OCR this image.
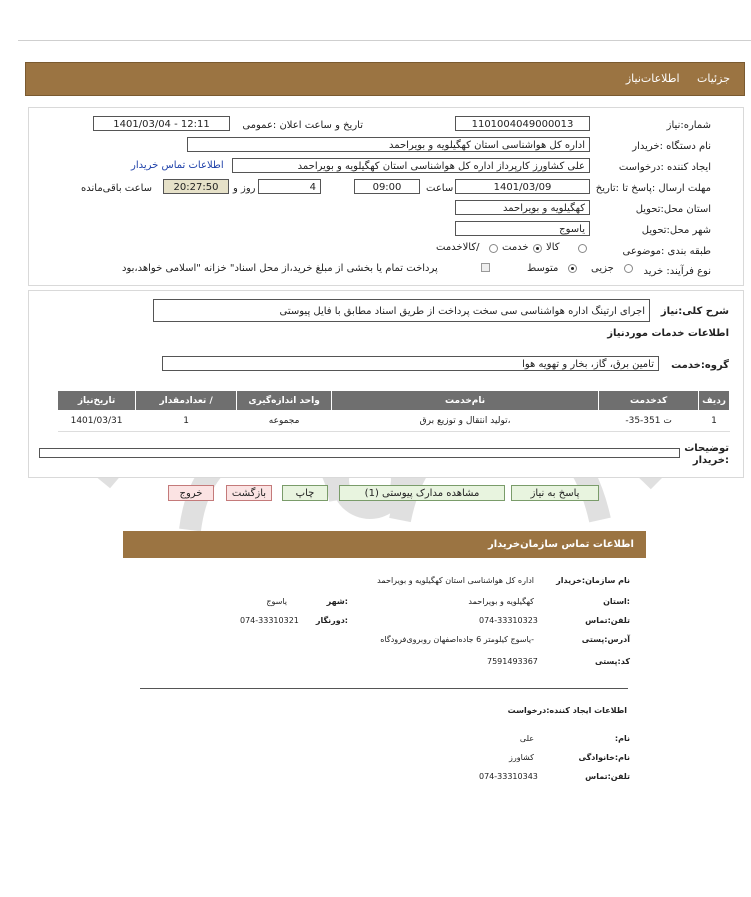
جزئیات     اطلاعات‌نیاز
شماره:نیاز
1101004049000013
تاریخ و ساعت اعلان :عمومی
1401/03/04 - 12:11
نام دستگاه :خریدار
اداره کل هواشناسی استان کهگیلویه و بویراحمد
ایجاد کننده :درخواست
علی کشاورز کارپرداز اداره کل هواشناسی استان کهگیلویه و بویراحمد
اطلاعات تماس خریدار
مهلت ارسال :پاسخ تا :تاریخ
1401/03/09
ساعت
09:00
4
روز و
20:27:50
ساعت باقی‌مانده
استان محل:تحویل
کهگیلویه و بویراحمد
شهر محل:تحویل
یاسوج
طبقه بندی :موضوعی
کالا
خدمت
/کالاخدمت
نوع فرآیند: خرید
جزیی
متوسط
پرداخت تمام یا بخشی از مبلغ خرید،از محل اسناد" خزانه "اسلامی خواهد،بود
شرح کلی:نیاز
اجرای ارتینگ اداره هواشناسی سی سخت پرداخت از طریق اسناد مطابق با فایل پیوستی
اطلاعات خدمات موردنیاز
گروه:خدمت
تامین برق، گاز، بخار و تهویه هوا
ردیف	کدخدمت	نام‌خدمت	واحد اندازه‌گیری	/ تعدادمقدار	تاریخ‌نیاز
1	ت 351-35-	،تولید انتقال و توزیع برق	مجموعه	1	1401/03/31
توضیحات :خریدار
پاسخ به نیاز
مشاهده مدارک پیوستی (1)
چاپ
بازگشت
خروج
اطلاعات تماس سازمان‌خریدار
نام سازمان:خریدار
اداره کل هواشناسی استان کهگیلویه و بویراحمد
:استان
کهگیلویه و بویراحمد
:شهر
یاسوج
تلفن:تماس
074-33310323
:دورنگار
074-33310321
آدرس:پستی
-یاسوج کیلومتر 6 جاده‌اصفهان روبروی‌فرودگاه
کد:پستی
7591493367
اطلاعات ایجاد کننده:درخواست
نام:
علی
نام:خانوادگی
کشاورز
تلفن:تماس
074-33310343
